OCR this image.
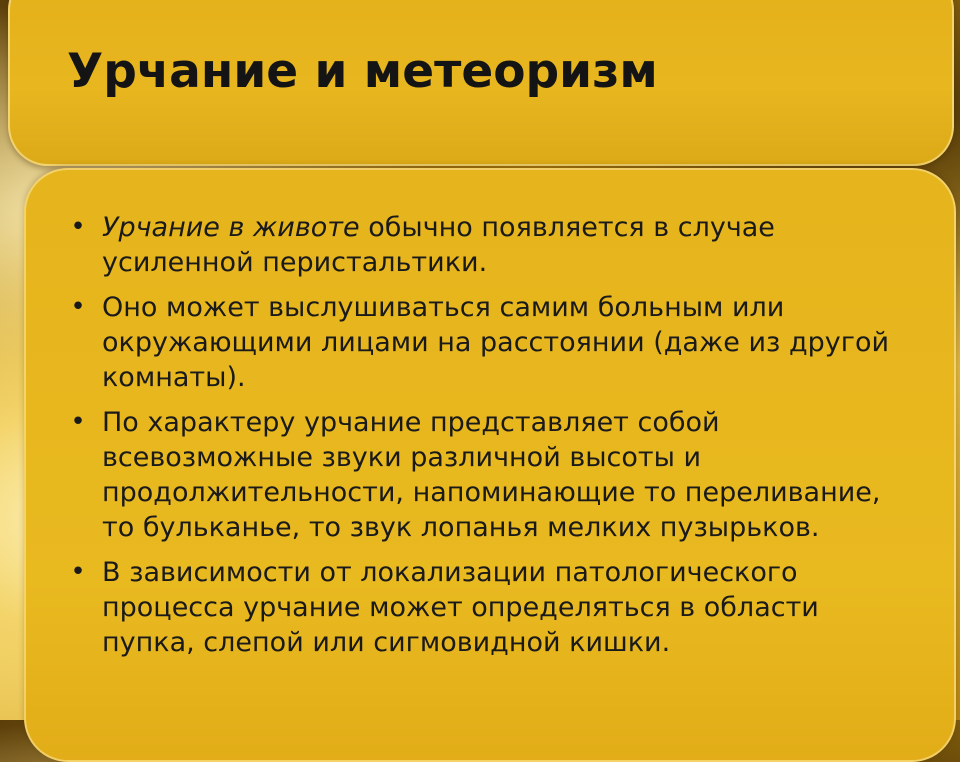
Урчание и метеоризм
• Урчание в животе обычно появляется в случае усиленной перистальтики.
• Оно может выслушиваться самим больным или окружающими лицами на расстоянии (даже из другой комнаты).
• По характеру урчание представляет собой всевозможные звуки различной высоты и продолжительности, напоминающие то переливание, то бульканье, то звук лопанья мелких пузырьков.
• В зависимости от локализации патологического процесса урчание может определяться в области пупка, слепой или сигмовидной кишки.
